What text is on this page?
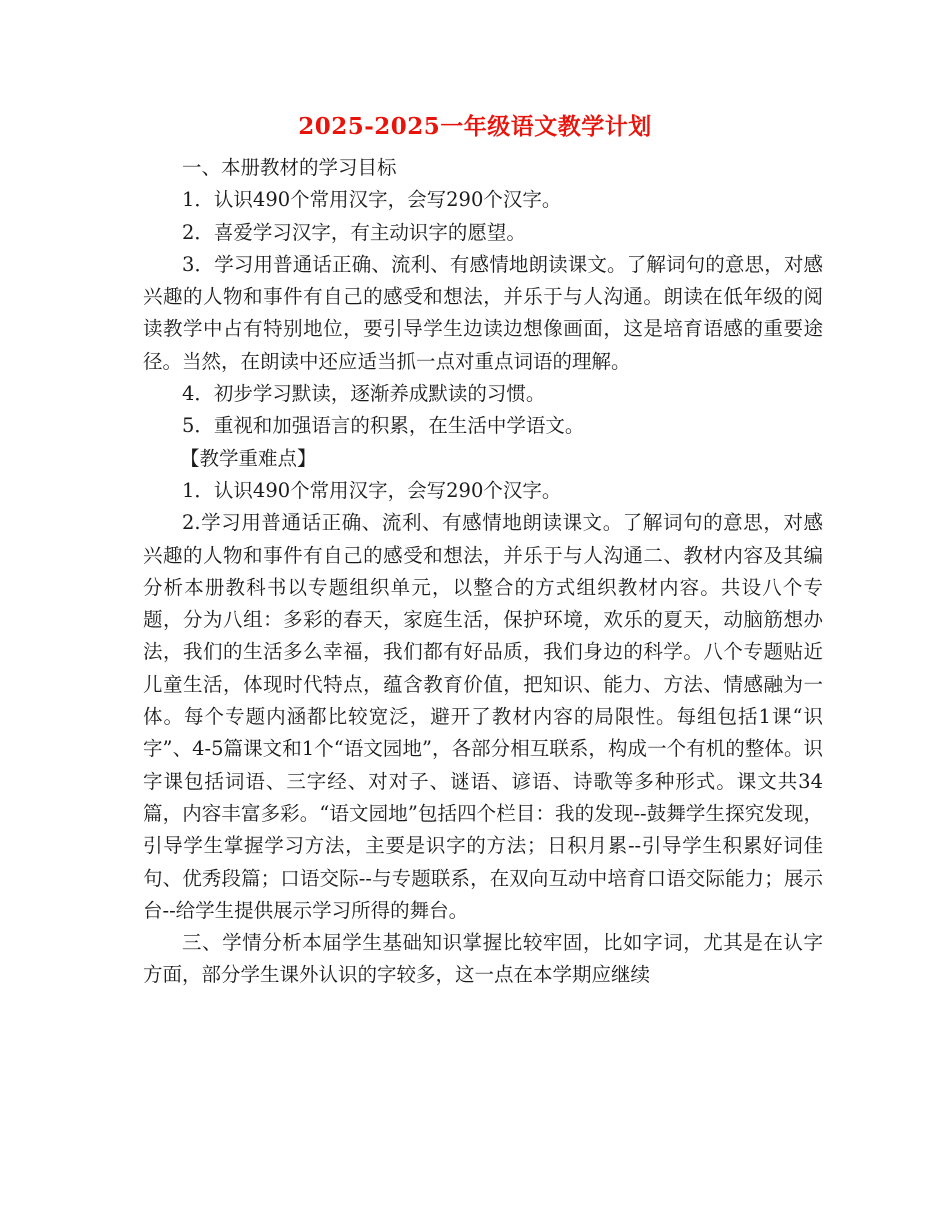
2025-2025一年级语文教学计划

一、本册教材的学习目标

1．认识490个常用汉字，会写290个汉字。

2．喜爱学习汉字，有主动识字的愿望。

3．学习用普通话正确、流利、有感情地朗读课文。了解词句的意思，对感兴趣的人物和事件有自己的感受和想法，并乐于与人沟通。朗读在低年级的阅读教学中占有特别地位，要引导学生边读边想像画面，这是培育语感的重要途径。当然，在朗读中还应适当抓一点对重点词语的理解。

4．初步学习默读，逐渐养成默读的习惯。

5．重视和加强语言的积累，在生活中学语文。

【教学重难点】

1．认识490个常用汉字，会写290个汉字。

2.学习用普通话正确、流利、有感情地朗读课文。了解词句的意思，对感兴趣的人物和事件有自己的感受和想法，并乐于与人沟通二、教材内容及其编分析本册教科书以专题组织单元，以整合的方式组织教材内容。共设八个专题，分为八组：多彩的春天，家庭生活，保护环境，欢乐的夏天，动脑筋想办法，我们的生活多么幸福，我们都有好品质，我们身边的科学。八个专题贴近儿童生活，体现时代特点，蕴含教育价值，把知识、能力、方法、情感融为一体。每个专题内涵都比较宽泛，避开了教材内容的局限性。每组包括1课“识字”、4-5篇课文和1个“语文园地”，各部分相互联系，构成一个有机的整体。识字课包括词语、三字经、对对子、谜语、谚语、诗歌等多种形式。课文共34篇，内容丰富多彩。“语文园地”包括四个栏目：我的发现--鼓舞学生探究发现，引导学生掌握学习方法，主要是识字的方法；日积月累--引导学生积累好词佳句、优秀段篇；口语交际--与专题联系，在双向互动中培育口语交际能力；展示台--给学生提供展示学习所得的舞台。

三、学情分析本届学生基础知识掌握比较牢固，比如字词，尤其是在认字方面，部分学生课外认识的字较多，这一点在本学期应继续
